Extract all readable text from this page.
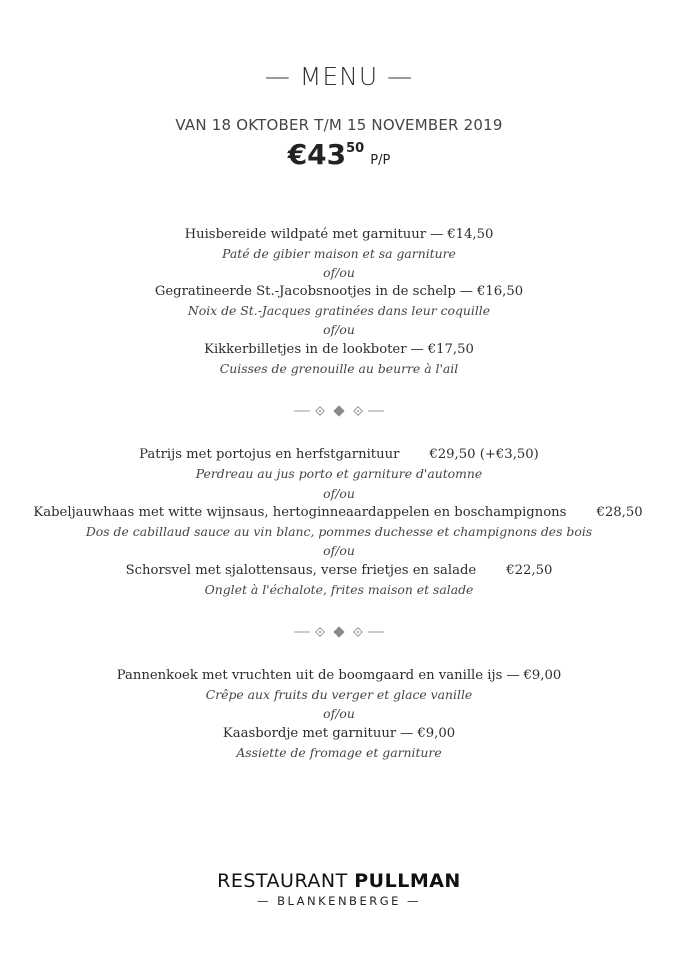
— MENU —
VAN 18 OKTOBER T/M 15 NOVEMBER 2019
$€43^{50}P/P$
Huisbereide wildpaté met garnituur — €14,50
Paté de gibier maison et sa garniture
of/ou
Gegratineerde St.-Jacobsnootjes in de schelp — €16,50
Noix de St.-Jacques gratinées dans leur coquille
of/ou
Kikkerbilletjes in de lookboter — €17,50
Cuisses de grenouille au beurre à l'ail
Patrijs met portojus en herfstgarnituur €29,50 (+€3,50)
Perdreau au jus porto et garniture d'automne
of/ou
Kabeljauwhaas met witte wijnsaus, hertoginneaardappelen en boschampignons €28,50
Dos de cabillaud sauce au vin blanc, pommes duchesse et champignons des bois
of/ou
Schorsvel met sjalottensaus, verse frietjes en salade €22,50
Onglet à l'échalote, frites maison et salade
Pannenkoek met vruchten uit de boomgaard en vanille ijs — €9,00
Crêpe aux fruits du verger et glace vanille
of/ou
Kaasbordje met garnituur — €9,00
Assiette de fromage et garniture
RESTAURANT PULLMAN
— BLANKENBERGE —
